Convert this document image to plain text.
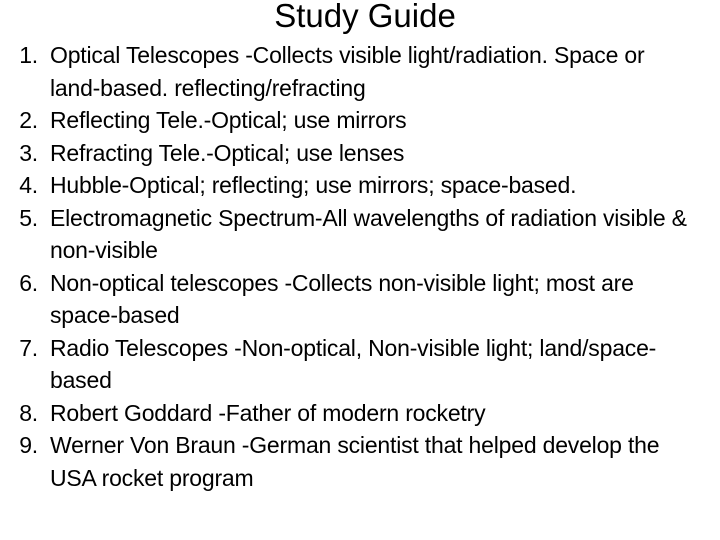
Study Guide
1. Optical Telescopes -Collects visible light/radiation. Space or land-based. reflecting/refracting
2. Reflecting Tele.-Optical; use mirrors
3. Refracting Tele.-Optical; use lenses
4. Hubble-Optical; reflecting; use mirrors; space-based.
5. Electromagnetic Spectrum-All wavelengths of radiation visible & non-visible
6. Non-optical telescopes -Collects non-visible light; most are space-based
7. Radio Telescopes -Non-optical, Non-visible light; land/space-based
8. Robert Goddard -Father of modern rocketry
9. Werner Von Braun -German scientist that helped develop the USA rocket program
